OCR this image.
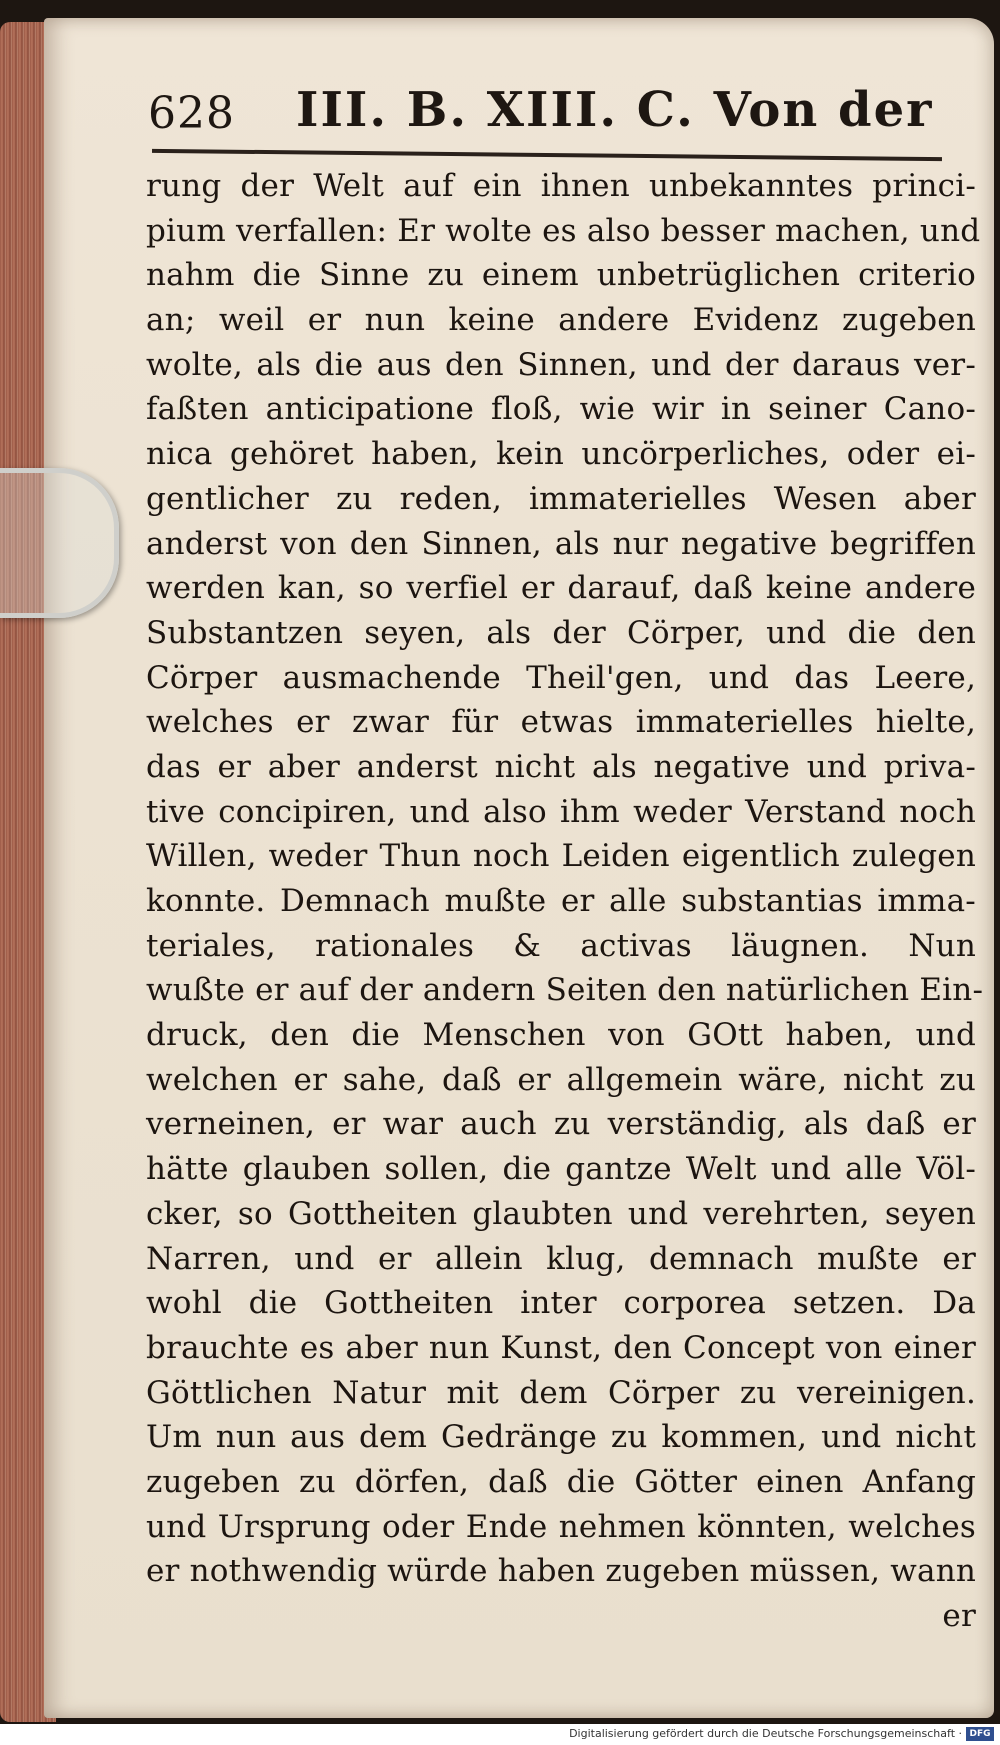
628 III. B. XIII. C. Von der
rung der Welt auf ein ihnen unbekanntes princi-
pium verfallen: Er wolte es also besser machen, und
nahm die Sinne zu einem unbetrüglichen criterio
an; weil er nun keine andere Evidenz zugeben
wolte, als die aus den Sinnen, und der daraus ver-
faßten anticipatione floß, wie wir in seiner Cano-
nica gehöret haben, kein uncörperliches, oder ei-
gentlicher zu reden, immaterielles Wesen aber
anderst von den Sinnen, als nur negative begriffen
werden kan, so verfiel er darauf, daß keine andere
Substantzen seyen, als der Cörper, und die den
Cörper ausmachende Theil'gen, und das Leere,
welches er zwar für etwas immaterielles hielte,
das er aber anderst nicht als negative und priva-
tive concipiren, und also ihm weder Verstand noch
Willen, weder Thun noch Leiden eigentlich zulegen
konnte. Demnach mußte er alle substantias imma-
teriales, rationales & activas läugnen. Nun
wußte er auf der andern Seiten den natürlichen Ein-
druck, den die Menschen von GOtt haben, und
welchen er sahe, daß er allgemein wäre, nicht zu
verneinen, er war auch zu verständig, als daß er
hätte glauben sollen, die gantze Welt und alle Völ-
cker, so Gottheiten glaubten und verehrten, seyen
Narren, und er allein klug, demnach mußte er
wohl die Gottheiten inter corporea setzen. Da
brauchte es aber nun Kunst, den Concept von einer
Göttlichen Natur mit dem Cörper zu vereinigen.
Um nun aus dem Gedränge zu kommen, und nicht
zugeben zu dörfen, daß die Götter einen Anfang
und Ursprung oder Ende nehmen könnten, welches
er nothwendig würde haben zugeben müssen, wann
er
Digitalisierung gefördert durch die Deutsche Forschungsgemeinschaft · DFG
